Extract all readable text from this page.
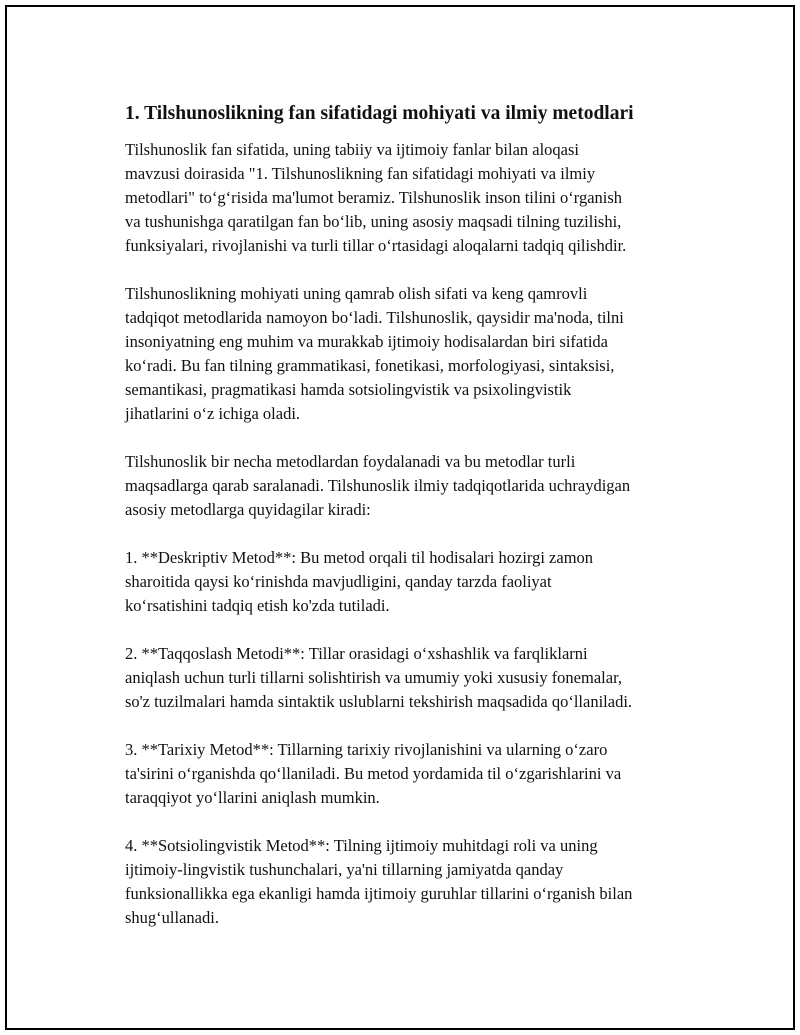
1. Tilshunoslikning fan sifatidagi mohiyati va ilmiy metodlari

Tilshunoslik fan sifatida, uning tabiiy va ijtimoiy fanlar bilan aloqasi
mavzusi doirasida "1. Tilshunoslikning fan sifatidagi mohiyati va ilmiy
metodlari" toʻgʻrisida ma'lumot beramiz. Tilshunoslik inson tilini oʻrganish
va tushunishga qaratilgan fan boʻlib, uning asosiy maqsadi tilning tuzilishi,
funksiyalari, rivojlanishi va turli tillar oʻrtasidagi aloqalarni tadqiq qilishdir.

Tilshunoslikning mohiyati uning qamrab olish sifati va keng qamrovli
tadqiqot metodlarida namoyon boʻladi. Tilshunoslik, qaysidir ma'noda, tilni
insoniyatning eng muhim va murakkab ijtimoiy hodisalardan biri sifatida
koʻradi. Bu fan tilning grammatikasi, fonetikasi, morfologiyasi, sintaksisi,
semantikasi, pragmatikasi hamda sotsiolingvistik va psixolingvistik
jihatlarini oʻz ichiga oladi.

Tilshunoslik bir necha metodlardan foydalanadi va bu metodlar turli
maqsadlarga qarab saralanadi. Tilshunoslik ilmiy tadqiqotlarida uchraydigan
asosiy metodlarga quyidagilar kiradi:

1. **Deskriptiv Metod**: Bu metod orqali til hodisalari hozirgi zamon
sharoitida qaysi koʻrinishda mavjudligini, qanday tarzda faoliyat
koʻrsatishini tadqiq etish ko'zda tutiladi.

2. **Taqqoslash Metodi**: Tillar orasidagi oʻxshashlik va farqliklarni
aniqlash uchun turli tillarni solishtirish va umumiy yoki xususiy fonemalar,
so'z tuzilmalari hamda sintaktik uslublarni tekshirish maqsadida qoʻllaniladi.

3. **Tarixiy Metod**: Tillarning tarixiy rivojlanishini va ularning oʻzaro
ta'sirini oʻrganishda qoʻllaniladi. Bu metod yordamida til oʻzgarishlarini va
taraqqiyot yoʻllarini aniqlash mumkin.

4. **Sotsiolingvistik Metod**: Tilning ijtimoiy muhitdagi roli va uning
ijtimoiy-lingvistik tushunchalari, ya'ni tillarning jamiyatda qanday
funksionallikka ega ekanligi hamda ijtimoiy guruhlar tillarini oʻrganish bilan
shugʻullanadi.
